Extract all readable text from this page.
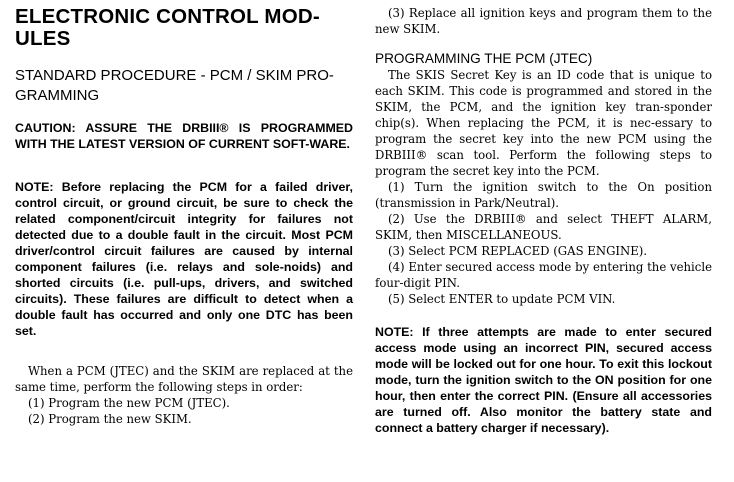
ELECTRONIC CONTROL MOD-ULES
STANDARD PROCEDURE - PCM / SKIM PRO-GRAMMING

CAUTION: ASSURE THE DRBIII® IS PROGRAMMED WITH THE LATEST VERSION OF CURRENT SOFT-WARE.

NOTE: Before replacing the PCM for a failed driver, control circuit, or ground circuit, be sure to check the related component/circuit integrity for failures not detected due to a double fault in the circuit. Most PCM driver/control circuit failures are caused by internal component failures (i.e. relays and sole-noids) and shorted circuits (i.e. pull-ups, drivers, and switched circuits). These failures are difficult to detect when a double fault has occurred and only one DTC has been set.

When a PCM (JTEC) and the SKIM are replaced at the same time, perform the following steps in order:

(1) Program the new PCM (JTEC).

(2) Program the new SKIM.

(3) Replace all ignition keys and program them to the new SKIM.

PROGRAMMING THE PCM (JTEC)

The SKIS Secret Key is an ID code that is unique to each SKIM. This code is programmed and stored in the SKIM, the PCM, and the ignition key tran-sponder chip(s). When replacing the PCM, it is nec-essary to program the secret key into the new PCM using the DRBIII® scan tool. Perform the following steps to program the secret key into the PCM.

(1) Turn the ignition switch to the On position (transmission in Park/Neutral).

(2) Use the DRBIII® and select THEFT ALARM, SKIM, then MISCELLANEOUS.

(3) Select PCM REPLACED (GAS ENGINE).

(4) Enter secured access mode by entering the vehicle four-digit PIN.

(5) Select ENTER to update PCM VIN.

NOTE: If three attempts are made to enter secured access mode using an incorrect PIN, secured access mode will be locked out for one hour. To exit this lockout mode, turn the ignition switch to the ON position for one hour, then enter the correct PIN. (Ensure all accessories are turned off. Also monitor the battery state and connect a battery charger if necessary).
